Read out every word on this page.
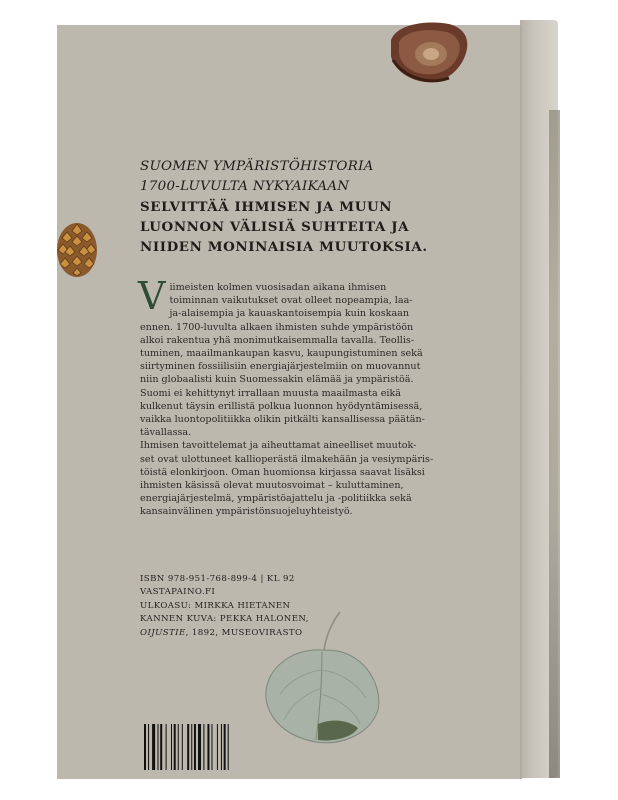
SUOMEN YMPÄRISTÖHISTORIA
1700-LUVULTA NYKYAIKAAN
SELVITTÄÄ IHMISEN JA MUUN
LUONNON VÄLISIÄ SUHTEITA JA
NIIDEN MONINAISIA MUUTOKSIA.
V iimeisten kolmen vuosisadan aikana ihmisen
toiminnan vaikutukset ovat olleet nopeampia, laa-
ja-alaisempia ja kauaskantoisempia kuin koskaan
ennen. 1700-luvulta alkaen ihmisten suhde ympäristöön
alkoi rakentua yhä monimutkaisemmalla tavalla. Teollis-
tuminen, maailmankaupan kasvu, kaupungistuminen sekä
siirtyminen fossiilisiin energiajärjestelmiin on muovannut
niin globaalisti kuin Suomessakin elämää ja ympäristöä.
Suomi ei kehittynyt irrallaan muusta maailmasta eikä
kulkenut täysin erillistä polkua luonnon hyödyntämisessä,
vaikka luontopolitiikka olikin pitkälti kansallisessa päätän-
tävallassa.
Ihmisen tavoittelemat ja aiheuttamat aineelliset muutok-
set ovat ulottuneet kallioperästä ilmakehään ja vesiympäris-
töistä elonkirjoon. Oman huomionsa kirjassa saavat lisäksi
ihmisten käsissä olevat muutosvoimat – kuluttaminen,
energiajärjestelmä, ympäristöajattelu ja -politiikka sekä
kansainvälinen ympäristönsuojeluyhteistyö.
ISBN 978-951-768-899-4 | KL 92
VASTAPAINO.FI
ULKOASU: MIRKKA HIETANEN
KANNEN KUVA: PEKKA HALONEN,
OIJUSTIE, 1892, MUSEOVIRASTO
